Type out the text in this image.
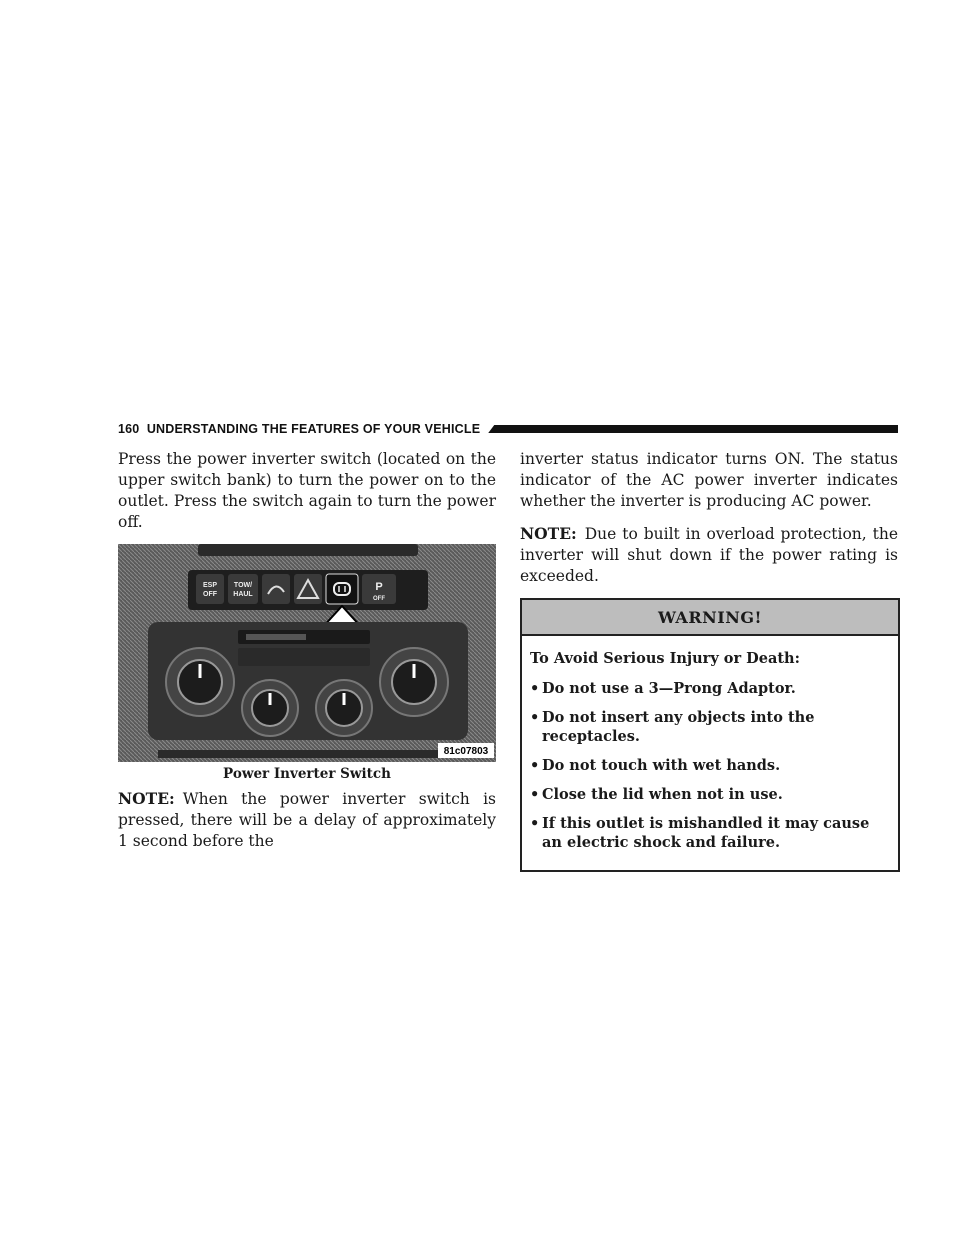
160 UNDERSTANDING THE FEATURES OF YOUR VEHICLE

Press the power inverter switch (located on the upper switch bank) to turn the power on to the outlet. Press the switch again to turn the power off.

ESP
OFF
TOW/
HAUL
P
OFF
81c07803
Power Inverter Switch

NOTE: When the power inverter switch is pressed, there will be a delay of approximately 1 second before the

inverter status indicator turns ON. The status indicator of the AC power inverter indicates whether the inverter is producing AC power.

NOTE: Due to built in overload protection, the inverter will shut down if the power rating is exceeded.

WARNING!
To Avoid Serious Injury or Death:
• Do not use a 3—Prong Adaptor.
• Do not insert any objects into the receptacles.
• Do not touch with wet hands.
• Close the lid when not in use.
• If this outlet is mishandled it may cause an electric shock and failure.
